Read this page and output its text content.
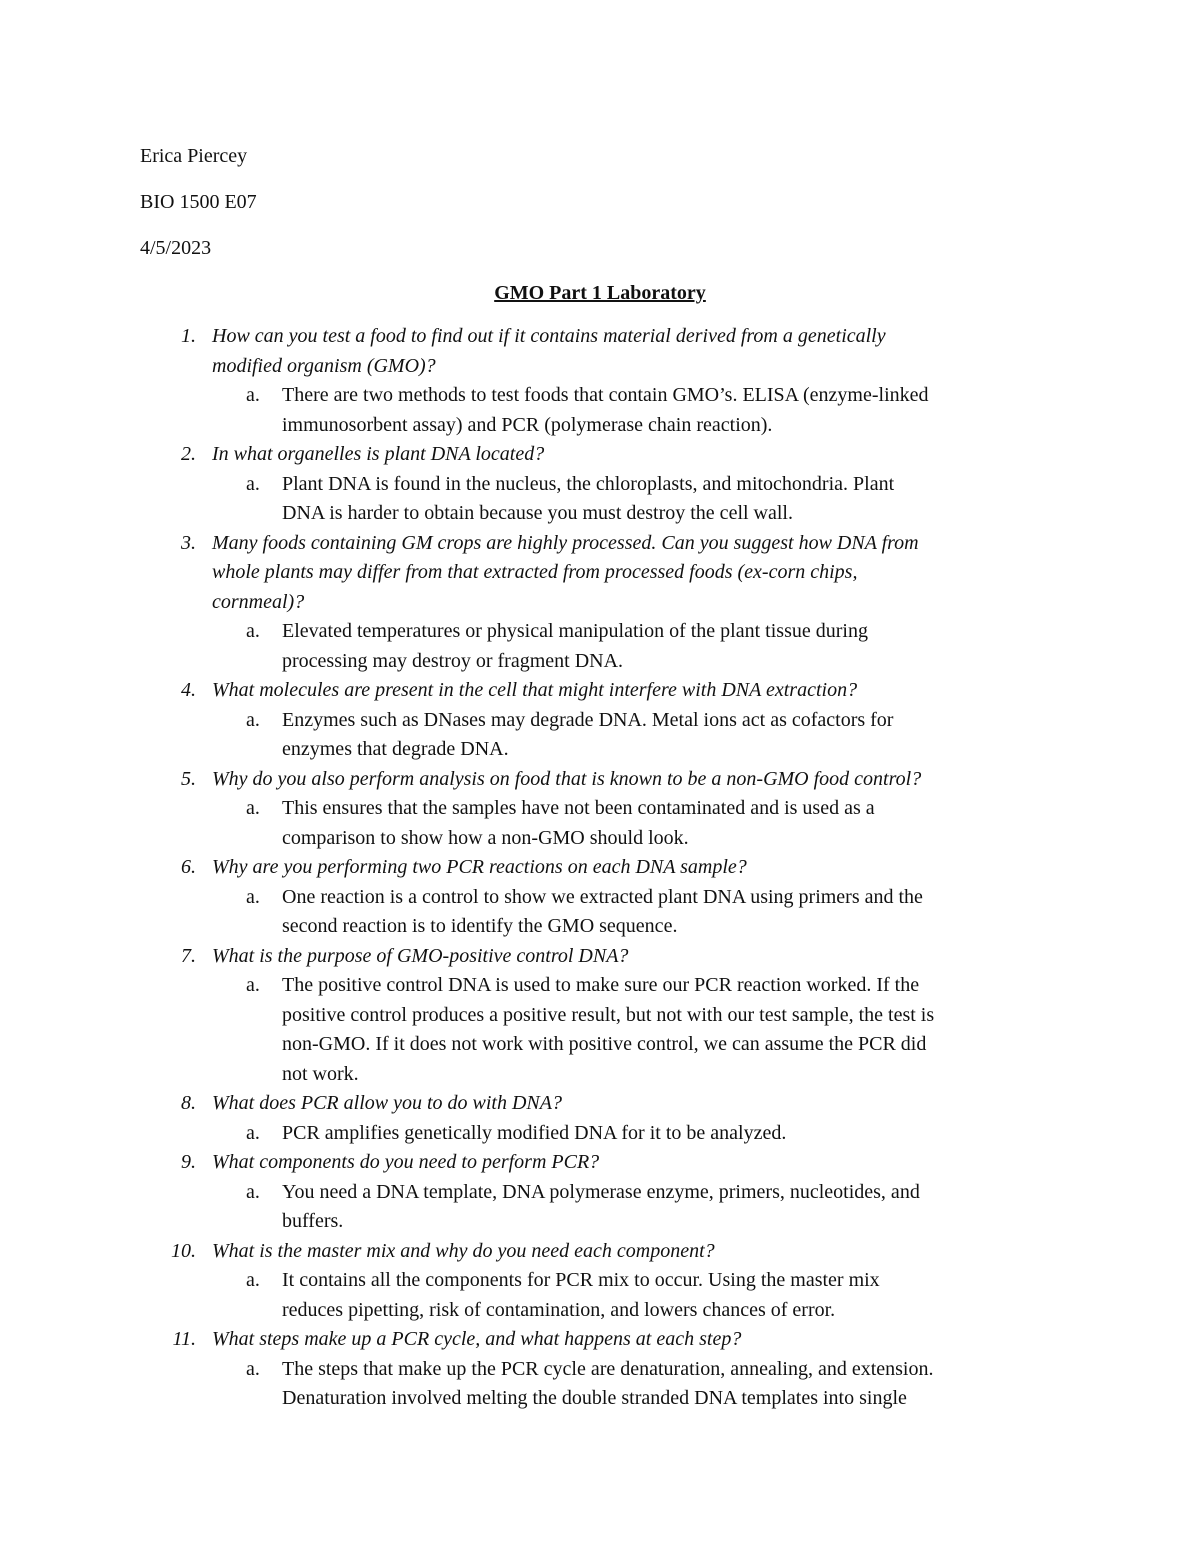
Erica Piercey
BIO 1500 E07
4/5/2023
GMO Part 1 Laboratory
1. How can you test a food to find out if it contains material derived from a genetically
modified organism (GMO)?
a. There are two methods to test foods that contain GMO’s. ELISA (enzyme-linked
immunosorbent assay) and PCR (polymerase chain reaction).
2. In what organelles is plant DNA located?
a. Plant DNA is found in the nucleus, the chloroplasts, and mitochondria. Plant
DNA is harder to obtain because you must destroy the cell wall.
3. Many foods containing GM crops are highly processed. Can you suggest how DNA from
whole plants may differ from that extracted from processed foods (ex-corn chips,
cornmeal)?
a. Elevated temperatures or physical manipulation of the plant tissue during
processing may destroy or fragment DNA.
4. What molecules are present in the cell that might interfere with DNA extraction?
a. Enzymes such as DNases may degrade DNA. Metal ions act as cofactors for
enzymes that degrade DNA.
5. Why do you also perform analysis on food that is known to be a non-GMO food control?
a. This ensures that the samples have not been contaminated and is used as a
comparison to show how a non-GMO should look.
6. Why are you performing two PCR reactions on each DNA sample?
a. One reaction is a control to show we extracted plant DNA using primers and the
second reaction is to identify the GMO sequence.
7. What is the purpose of GMO-positive control DNA?
a. The positive control DNA is used to make sure our PCR reaction worked. If the
positive control produces a positive result, but not with our test sample, the test is
non-GMO. If it does not work with positive control, we can assume the PCR did
not work.
8. What does PCR allow you to do with DNA?
a. PCR amplifies genetically modified DNA for it to be analyzed.
9. What components do you need to perform PCR?
a. You need a DNA template, DNA polymerase enzyme, primers, nucleotides, and
buffers.
10. What is the master mix and why do you need each component?
a. It contains all the components for PCR mix to occur. Using the master mix
reduces pipetting, risk of contamination, and lowers chances of error.
11. What steps make up a PCR cycle, and what happens at each step?
a. The steps that make up the PCR cycle are denaturation, annealing, and extension.
Denaturation involved melting the double stranded DNA templates into single
